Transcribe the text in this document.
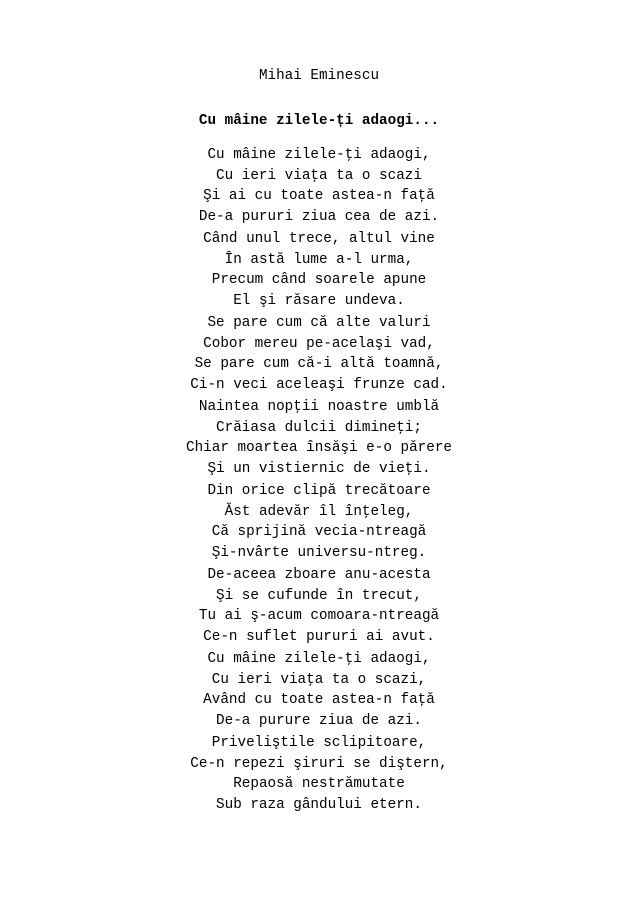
Mihai Eminescu
Cu mâine zilele-ți adaogi...
Cu mâine zilele-ţi adaogi,
Cu ieri viaţa ta o scazi
Şi ai cu toate astea-n faţă
De-a pururi ziua cea de azi.
Când unul trece, altul vine
În astă lume a-l urma,
Precum când soarele apune
El şi răsare undeva.
Se pare cum că alte valuri
Cobor mereu pe-acelaşi vad,
Se pare cum că-i altă toamnă,
Ci-n veci aceleaşi frunze cad.
Naintea nopţii noastre umblă
Crăiasa dulcii dimineţi;
Chiar moartea însăşi e-o părere
Şi un vistiernic de vieţi.
Din orice clipă trecătoare
Ăst adevăr îl înţeleg,
Că sprijină vecia-ntreagă
Şi-nvârte universu-ntreg.
De-aceea zboare anu-acesta
Şi se cufunde în trecut,
Tu ai ş-acum comoara-ntreagă
Ce-n suflet pururi ai avut.
Cu mâine zilele-ţi adaogi,
Cu ieri viaţa ta o scazi,
Având cu toate astea-n faţă
De-a purure ziua de azi.
Priveliştile sclipitoare,
Ce-n repezi şiruri se diştern,
Repaosă nestrămutate
Sub raza gândului etern.
